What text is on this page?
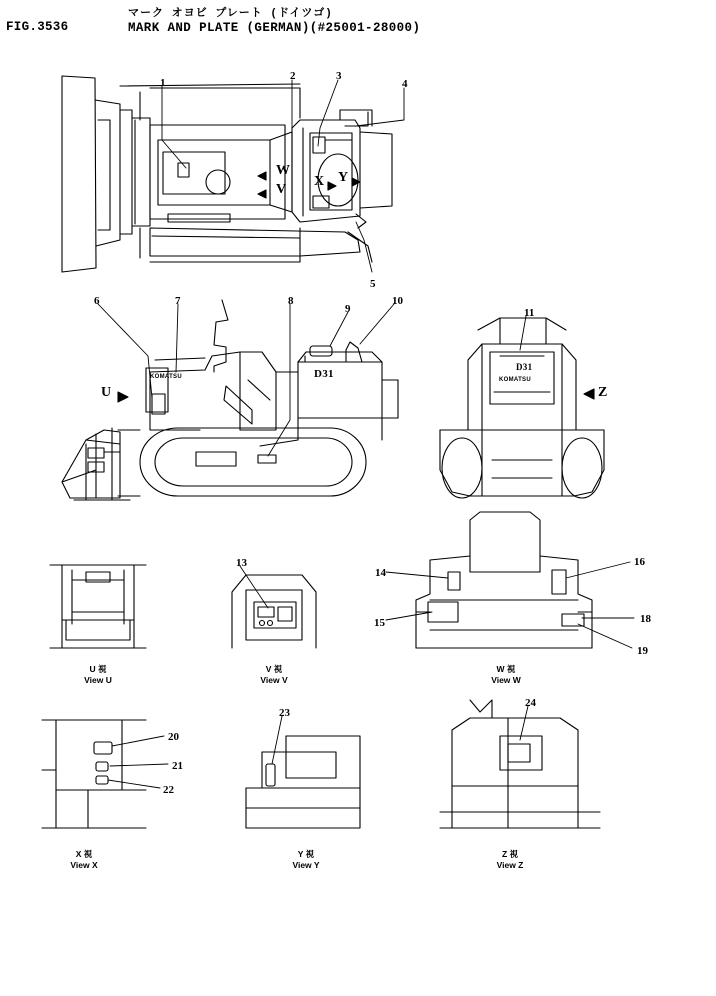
FIG.3536
マーク オヨビ プレート (ドイツゴ)
MARK AND PLATE (GERMAN)(#25001-28000)
1
2	3
4
5
6	7	8
9
10
11
13
14
15
16
18
19
20
21
22
23
24
W
V
X Y
U	Z
KOMATSU	D31
D31
KOMATSU
U 視
View U
V 視
View V
W 視
View W
X 視
View X
Y 視
View Y
Z 視
View Z
